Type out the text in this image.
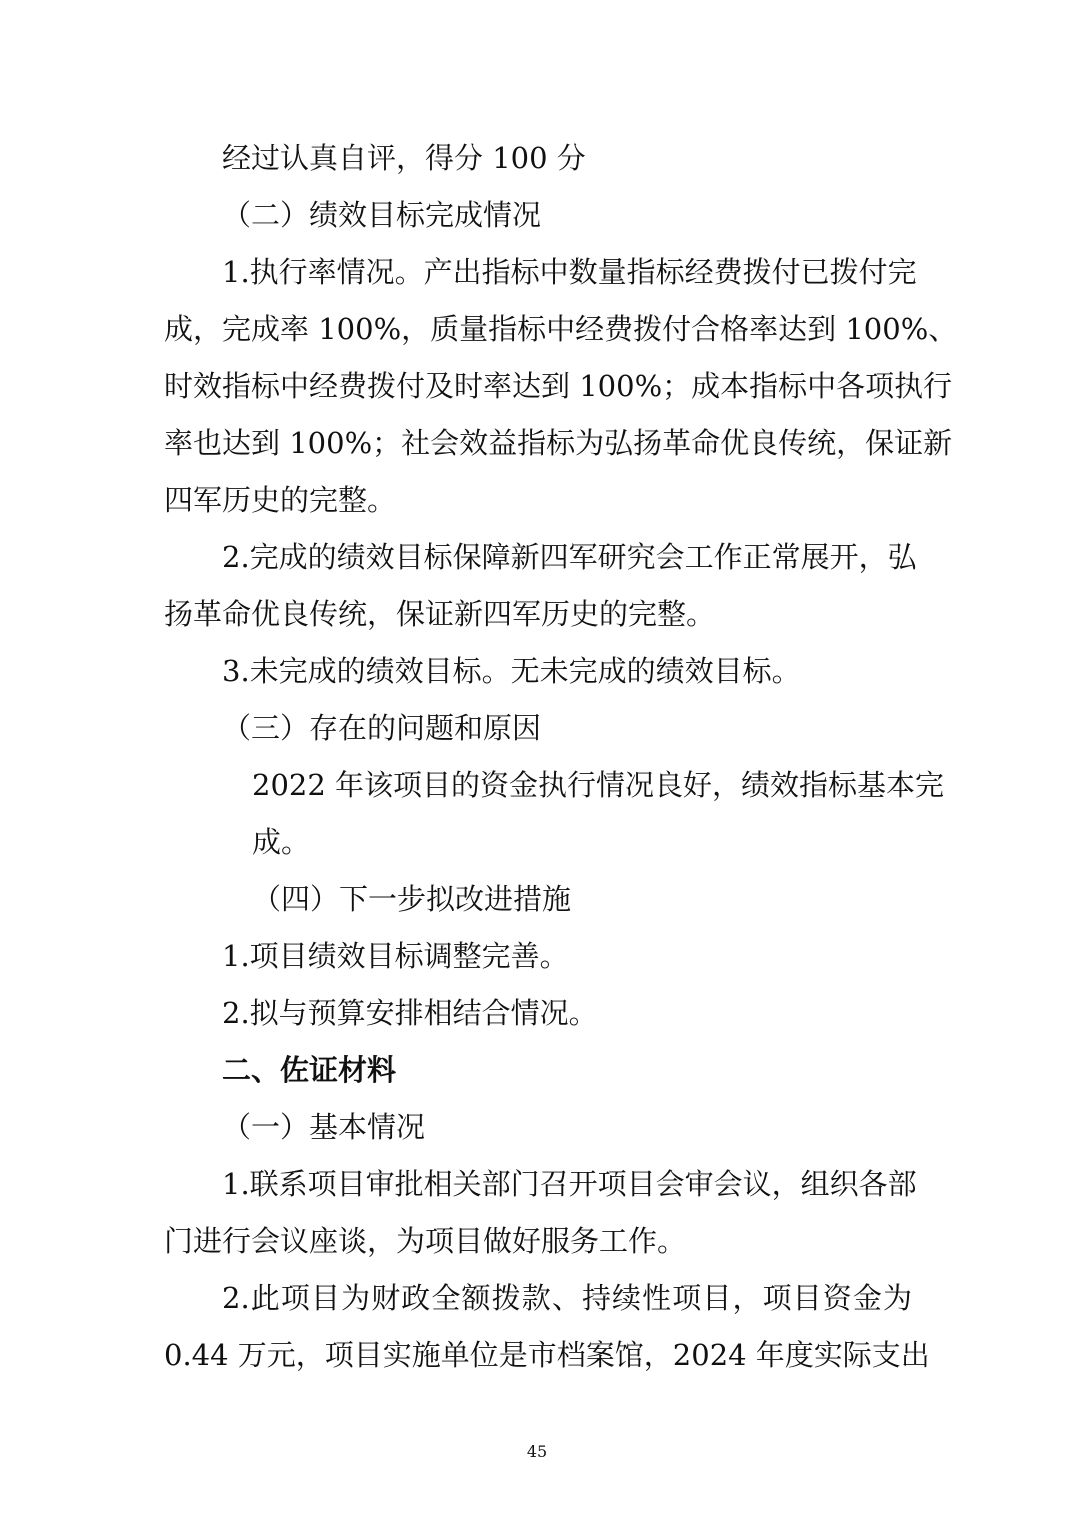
经过认真自评，得分 100 分
（二）绩效目标完成情况
1.执行率情况。产出指标中数量指标经费拨付已拨付完
成，完成率 100%，质量指标中经费拨付合格率达到 100%、
时效指标中经费拨付及时率达到 100%；成本指标中各项执行
率也达到 100%；社会效益指标为弘扬革命优良传统，保证新
四军历史的完整。
2.完成的绩效目标保障新四军研究会工作正常展开，弘
扬革命优良传统，保证新四军历史的完整。
3.未完成的绩效目标。无未完成的绩效目标。
（三）存在的问题和原因
2022 年该项目的资金执行情况良好，绩效指标基本完
成。
（四）下一步拟改进措施
1.项目绩效目标调整完善。
2.拟与预算安排相结合情况。
二、佐证材料
（一）基本情况
1.联系项目审批相关部门召开项目会审会议，组织各部
门进行会议座谈，为项目做好服务工作。
2.此项目为财政全额拨款、持续性项目，项目资金为
0.44 万元，项目实施单位是市档案馆，2024 年度实际支出
45
